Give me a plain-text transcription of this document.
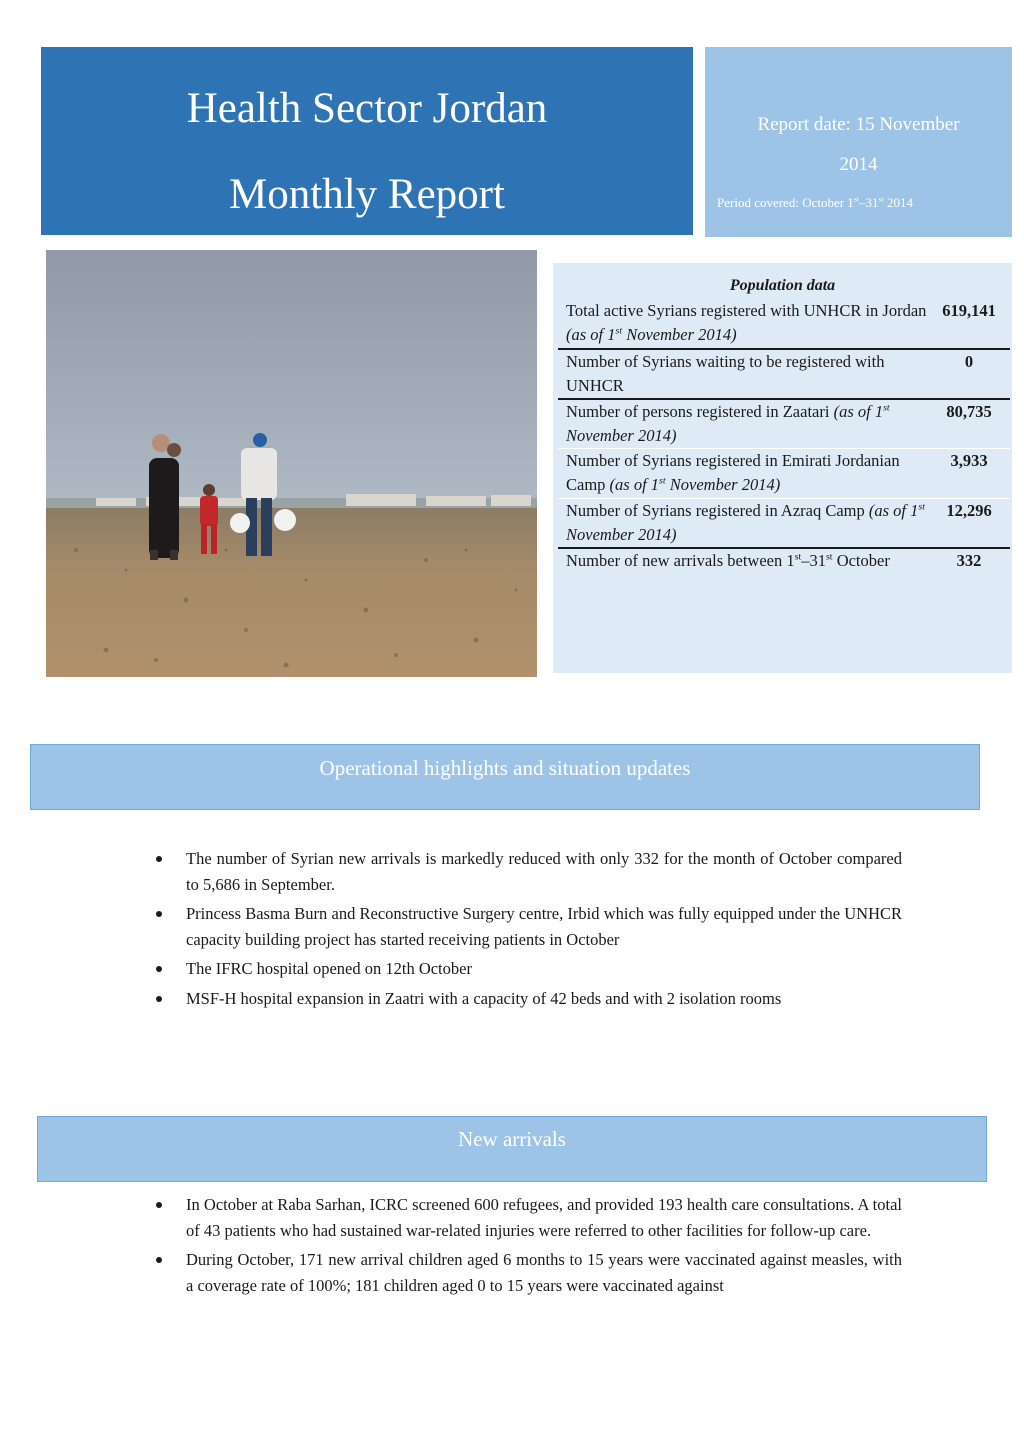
Health Sector Jordan
Monthly Report
Report date: 15 November
2014
Period covered: October 1st–31st 2014
Population data
Total active Syrians registered with UNHCR in Jordan (as of 1st November 2014)	619,141
Number of Syrians waiting to be registered with UNHCR	0
Number of persons registered in Zaatari (as of 1st November 2014)	80,735
Number of Syrians registered in Emirati Jordanian Camp (as of 1st November 2014)	3,933
Number of Syrians registered in Azraq Camp (as of 1st November 2014)	12,296
Number of new arrivals between 1st–31st October	332
Operational highlights and situation updates
The number of Syrian new arrivals is markedly reduced with only 332 for the month of October compared to 5,686 in September.
Princess Basma Burn and Reconstructive Surgery centre, Irbid which was fully equipped under the UNHCR capacity building project has started receiving patients in October
The IFRC hospital opened on 12th October
MSF-H hospital expansion in Zaatri with a capacity of 42 beds and with 2 isolation rooms
New arrivals
In October at Raba Sarhan, ICRC screened 600 refugees, and provided 193 health care consultations. A total of 43 patients who had sustained war-related injuries were referred to other facilities for follow-up care.
During October, 171 new arrival children aged 6 months to 15 years were vaccinated against measles, with a coverage rate of 100%; 181 children aged 0 to 15 years were vaccinated against
